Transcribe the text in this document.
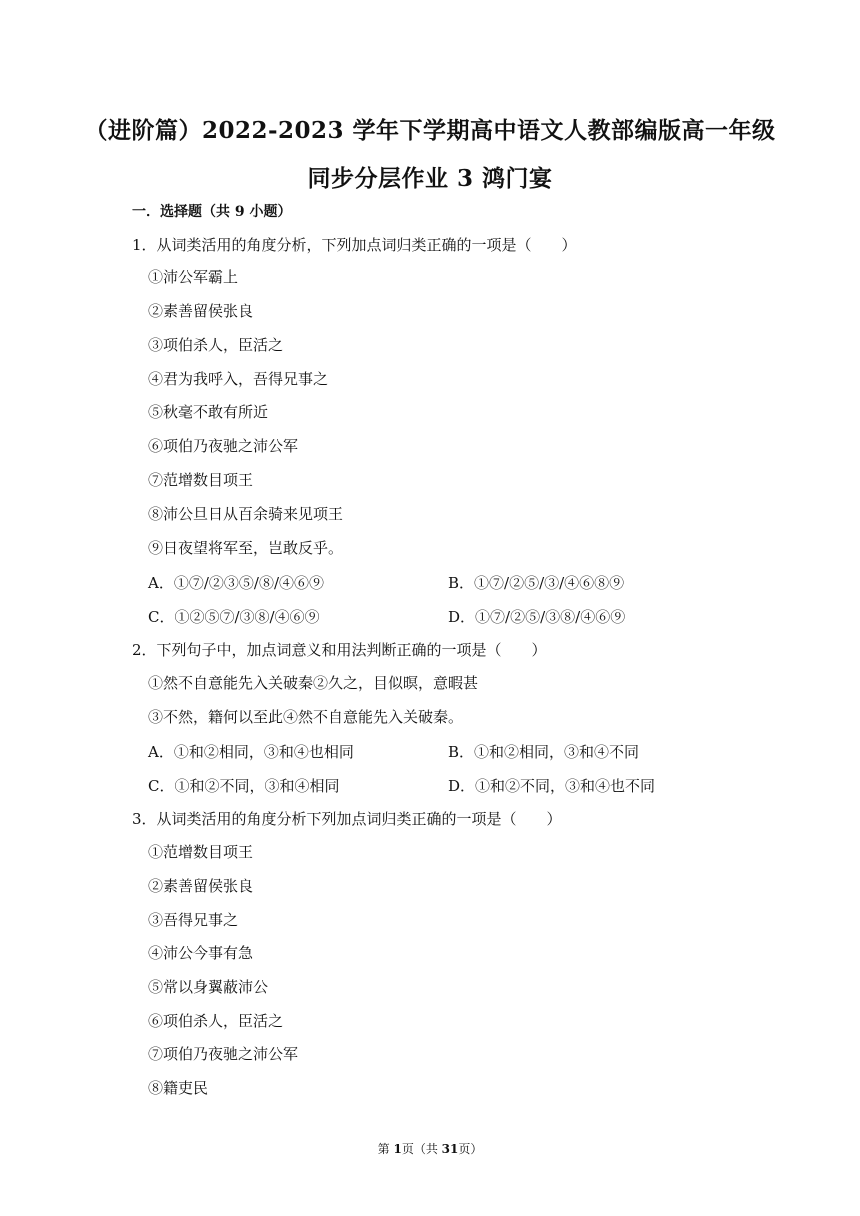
（进阶篇）2022-2023 学年下学期高中语文人教部编版高一年级
同步分层作业 3 鸿门宴
一．选择题（共 9 小题）
1．从词类活用的角度分析，下列加点词归类正确的一项是（　　）
①沛公军霸上
②素善留侯张良
③项伯杀人，臣活之
④君为我呼入，吾得兄事之
⑤秋毫不敢有所近
⑥项伯乃夜驰之沛公军
⑦范增数目项王
⑧沛公旦日从百余骑来见项王
⑨日夜望将军至，岂敢反乎。
A．①⑦/②③⑤/⑧/④⑥⑨	B．①⑦/②⑤/③/④⑥⑧⑨
C．①②⑤⑦/③⑧/④⑥⑨	D．①⑦/②⑤/③⑧/④⑥⑨
2．下列句子中，加点词意义和用法判断正确的一项是（　　）
①然不自意能先入关破秦②久之，目似暝，意暇甚
③不然，籍何以至此④然不自意能先入关破秦。
A．①和②相同，③和④也相同	B．①和②相同，③和④不同
C．①和②不同，③和④相同	D．①和②不同，③和④也不同
3．从词类活用的角度分析下列加点词归类正确的一项是（　　）
①范增数目项王
②素善留侯张良
③吾得兄事之
④沛公今事有急
⑤常以身翼蔽沛公
⑥项伯杀人，臣活之
⑦项伯乃夜驰之沛公军
⑧籍吏民
第 1页（共 31页）
